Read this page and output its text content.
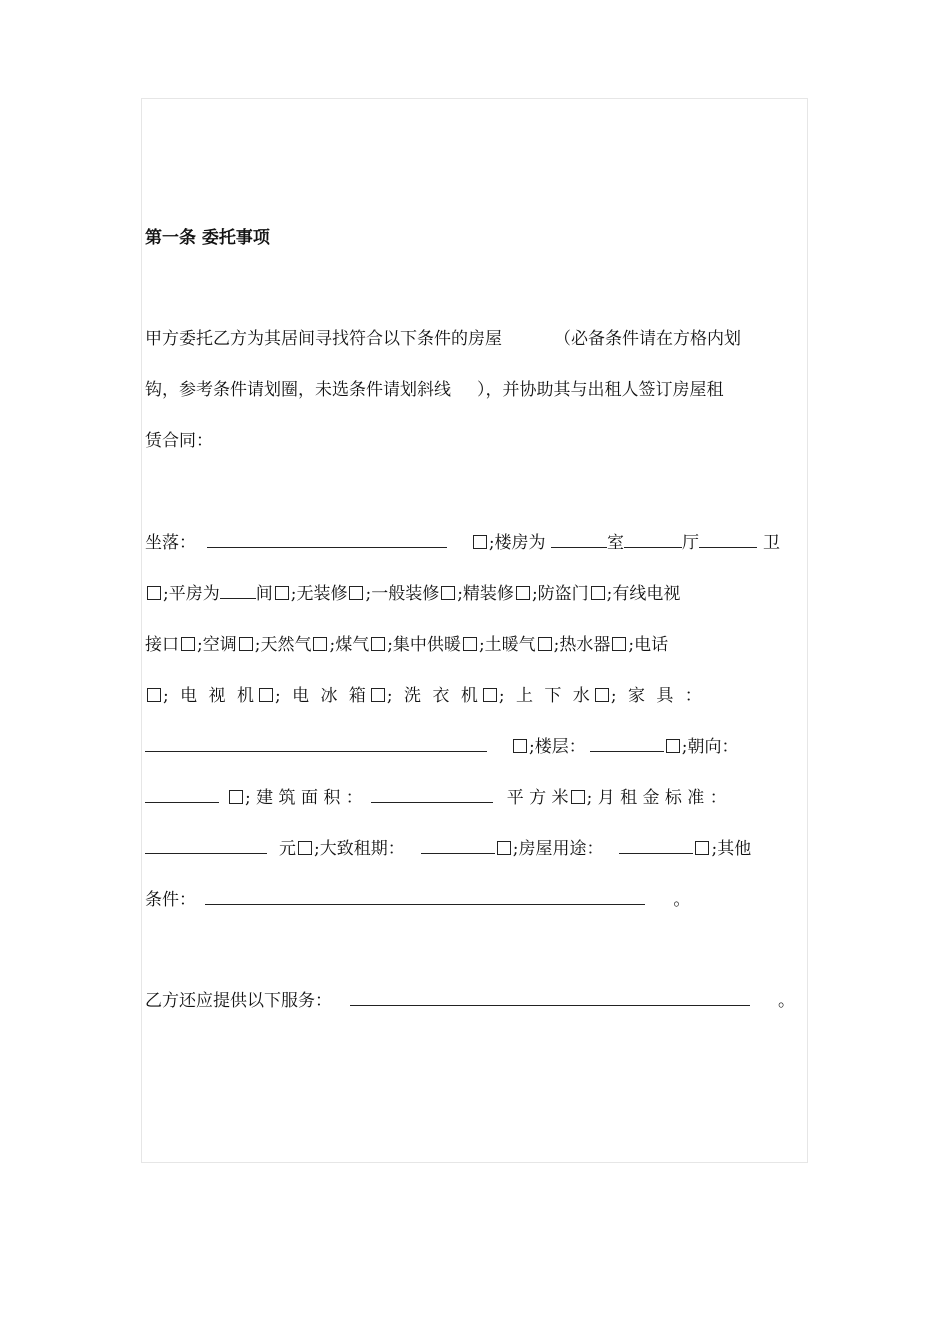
第一条 委托事项
甲方委托乙方为其居间寻找符合以下条件的房屋	（必备条件请在方格内划
钩，参考条件请划圈，未选条件请划斜线 ），并协助其与出租人签订房屋租
赁合同：
坐落：	;楼房为	室	厅	卫
;平房为 间 ;无装修 ;一般装修 ;精装修 ;防盗门 ;有线电视
接口 ;空调 ;天然气 ;煤气 ;集中供暖 ;土暖气 ;热水器 ;电话
; 电 视 机 ; 电 冰 箱 ; 洗 衣 机 ; 上 下 水 ; 家 具 ：
;楼层：	;朝向：
; 建 筑 面 积 ：	平 方 米 ; 月 租 金 标 准 ：
元 ;大致租期：	;房屋用途：	;其他
条件：	。
乙方还应提供以下服务：	。
